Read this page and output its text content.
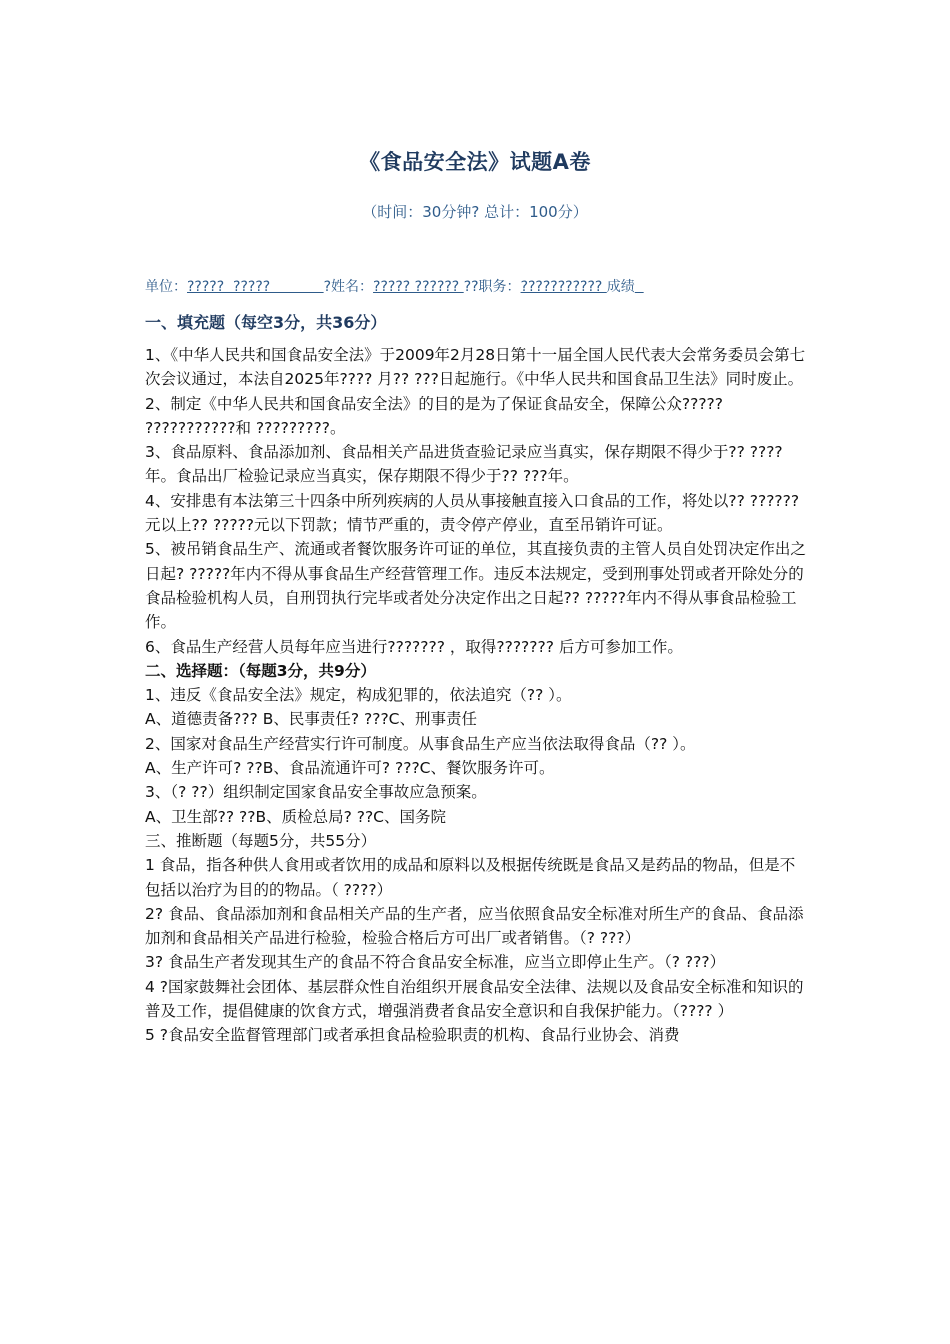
《食品安全法》试题A卷
（时间：30分钟? 总计：100分）
单位：?????  ?????            ?姓名：????? ?????? ??职务：??????????? 成绩

一、填充题（每空3分，共36分）

1、《中华人民共和国食品安全法》于2009年2月28日第十一届全国人民代表大会常务委员会第七次会议通过，本法自2025年???? 月?? ???日起施行。《中华人民共和国食品卫生法》同时废止。

2、制定《中华人民共和国食品安全法》的目的是为了保证食品安全，保障公众????? ???????????和 ?????????。

3、食品原料、食品添加剂、食品相关产品进货查验记录应当真实，保存期限不得少于?? ????年。食品出厂检验记录应当真实，保存期限不得少于?? ???年。

4、安排患有本法第三十四条中所列疾病的人员从事接触直接入口食品的工作，将处以?? ??????元以上?? ?????元以下罚款；情节严重的，责令停产停业，直至吊销许可证。

5、被吊销食品生产、流通或者餐饮服务许可证的单位，其直接负责的主管人员自处罚决定作出之日起? ?????年内不得从事食品生产经营管理工作。违反本法规定，受到刑事处罚或者开除处分的食品检验机构人员，自刑罚执行完毕或者处分决定作出之日起?? ?????年内不得从事食品检验工作。

6、食品生产经营人员每年应当进行??????? ，取得??????? 后方可参加工作。

二、选择题：（每题3分，共9分）

1、违反《食品安全法》规定，构成犯罪的，依法追究（?? ）。

A、道德责备??? B、民事责任? ???C、刑事责任

2、国家对食品生产经营实行许可制度。从事食品生产应当依法取得食品（?? ）。

A、生产许可? ??B、食品流通许可? ???C、餐饮服务许可。

3、（? ??）组织制定国家食品安全事故应急预案。

A、卫生部?? ??B、质检总局? ??C、国务院

三、推断题（每题5分，共55分）

1 食品，指各种供人食用或者饮用的成品和原料以及根据传统既是食品又是药品的物品，但是不包括以治疗为目的的物品。（ ????）

2? 食品、食品添加剂和食品相关产品的生产者，应当依照食品安全标准对所生产的食品、食品添加剂和食品相关产品进行检验，检验合格后方可出厂或者销售。（? ???）

3? 食品生产者发现其生产的食品不符合食品安全标准，应当立即停止生产。（? ???）

4 ?国家鼓舞社会团体、基层群众性自治组织开展食品安全法律、法规以及食品安全标准和知识的普及工作，提倡健康的饮食方式，增强消费者食品安全意识和自我保护能力。（???? ）

5 ?食品安全监督管理部门或者承担食品检验职责的机构、食品行业协会、消费
